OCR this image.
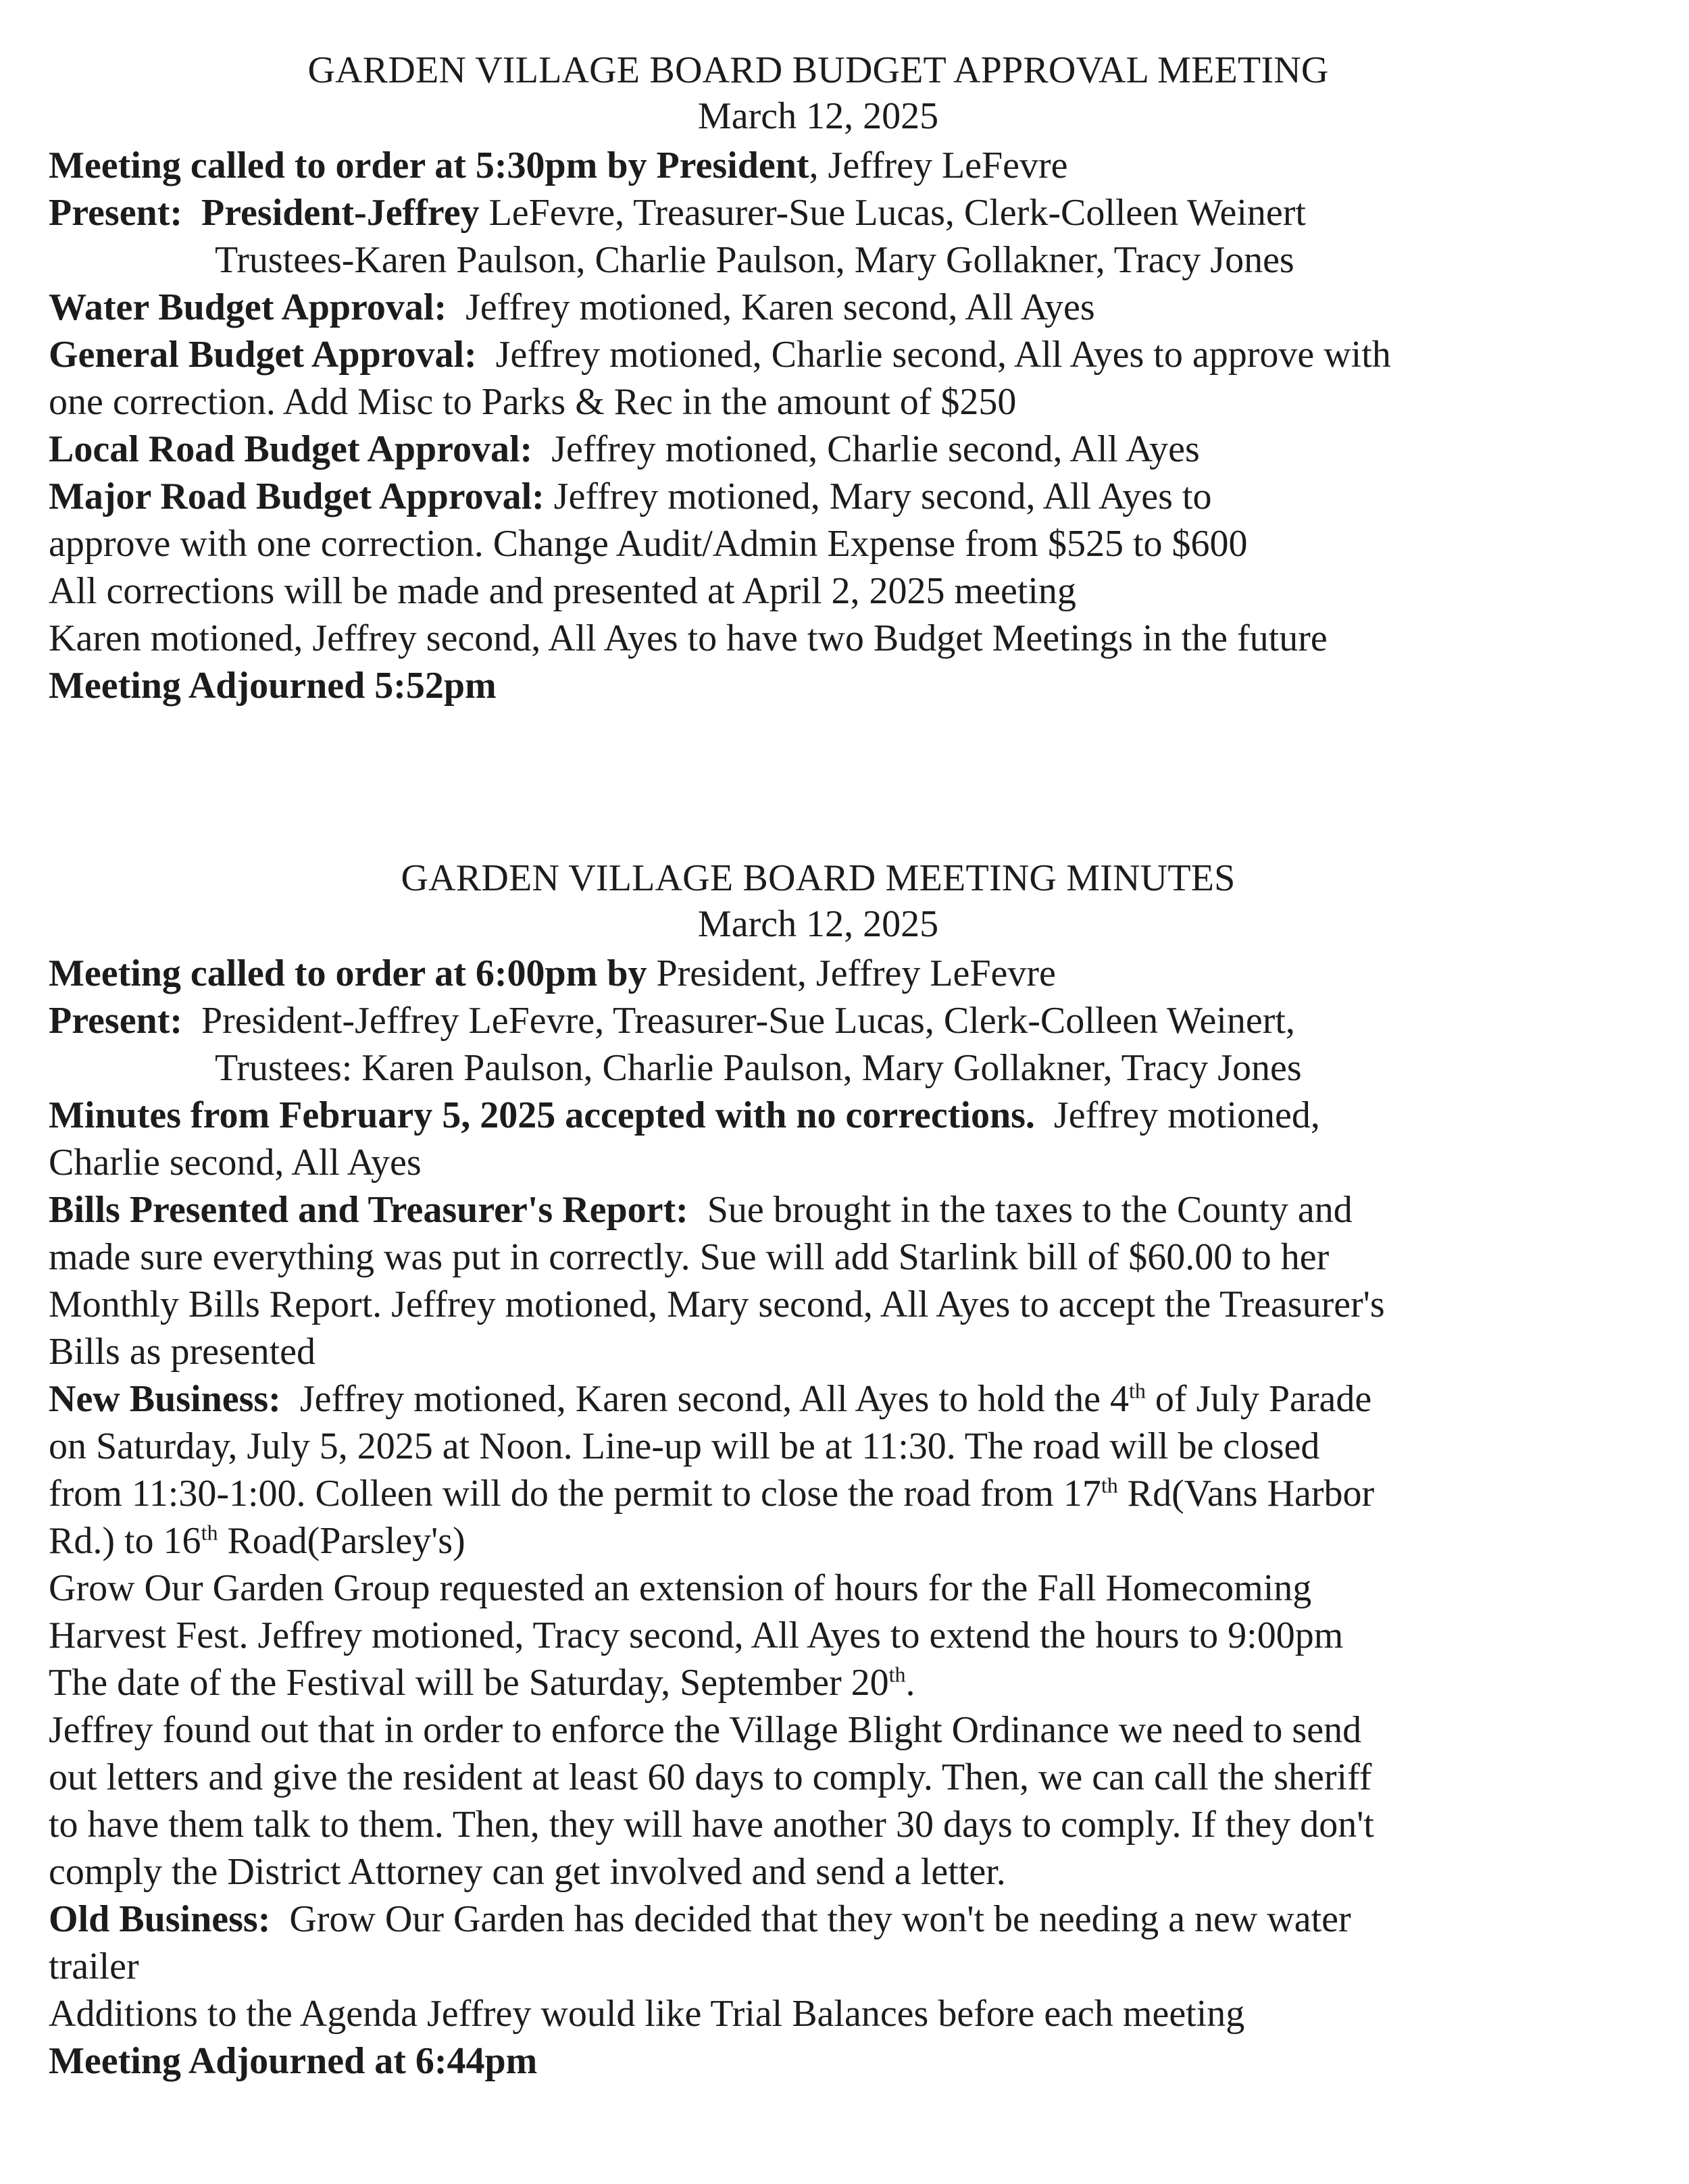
GARDEN VILLAGE BOARD BUDGET APPROVAL MEETING

March 12, 2025

Meeting called to order at 5:30pm by President, Jeffrey LeFevre

Present: President-Jeffrey LeFevre, Treasurer-Sue Lucas, Clerk-Colleen Weinert

Trustees-Karen Paulson, Charlie Paulson, Mary Gollakner, Tracy Jones

Water Budget Approval: Jeffrey motioned, Karen second, All Ayes

General Budget Approval: Jeffrey motioned, Charlie second, All Ayes to approve with

one correction. Add Misc to Parks & Rec in the amount of $250

Local Road Budget Approval: Jeffrey motioned, Charlie second, All Ayes

Major Road Budget Approval: Jeffrey motioned, Mary second, All Ayes to

approve with one correction. Change Audit/Admin Expense from $525 to $600

All corrections will be made and presented at April 2, 2025 meeting

Karen motioned, Jeffrey second, All Ayes to have two Budget Meetings in the future

Meeting Adjourned 5:52pm

GARDEN VILLAGE BOARD MEETING MINUTES

March 12, 2025

Meeting called to order at 6:00pm by President, Jeffrey LeFevre

Present: President-Jeffrey LeFevre, Treasurer-Sue Lucas, Clerk-Colleen Weinert,

Trustees: Karen Paulson, Charlie Paulson, Mary Gollakner, Tracy Jones

Minutes from February 5, 2025 accepted with no corrections. Jeffrey motioned,

Charlie second, All Ayes

Bills Presented and Treasurer's Report: Sue brought in the taxes to the County and

made sure everything was put in correctly. Sue will add Starlink bill of $60.00 to her

Monthly Bills Report. Jeffrey motioned, Mary second, All Ayes to accept the Treasurer's

Bills as presented

New Business: Jeffrey motioned, Karen second, All Ayes to hold the 4th of July Parade

on Saturday, July 5, 2025 at Noon. Line-up will be at 11:30. The road will be closed

from 11:30-1:00. Colleen will do the permit to close the road from 17th Rd(Vans Harbor

Rd.) to 16th Road(Parsley's)

Grow Our Garden Group requested an extension of hours for the Fall Homecoming

Harvest Fest. Jeffrey motioned, Tracy second, All Ayes to extend the hours to 9:00pm

The date of the Festival will be Saturday, September 20th.

Jeffrey found out that in order to enforce the Village Blight Ordinance we need to send

out letters and give the resident at least 60 days to comply. Then, we can call the sheriff

to have them talk to them. Then, they will have another 30 days to comply. If they don't

comply the District Attorney can get involved and send a letter.

Old Business: Grow Our Garden has decided that they won't be needing a new water

trailer

Additions to the Agenda Jeffrey would like Trial Balances before each meeting

Meeting Adjourned at 6:44pm
